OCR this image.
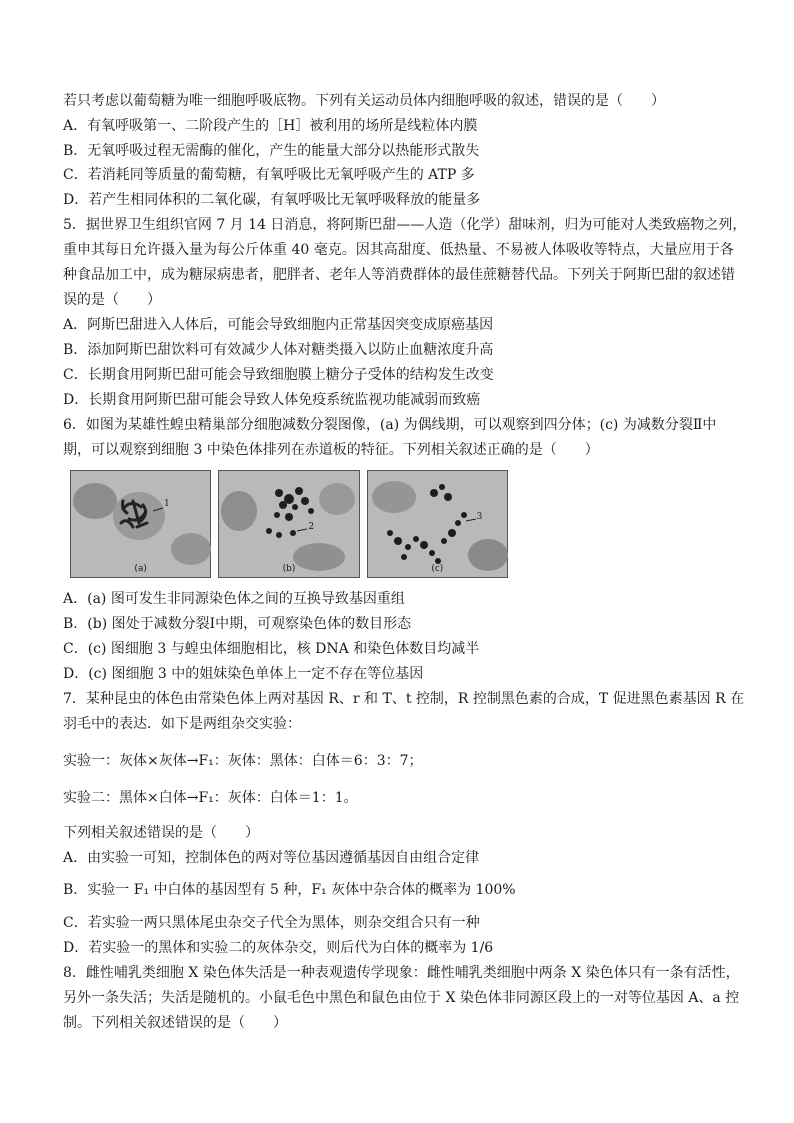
若只考虑以葡萄糖为唯一细胞呼吸底物。下列有关运动员体内细胞呼吸的叙述，错误的是（　　）
A．有氧呼吸第一、二阶段产生的［H］被利用的场所是线粒体内膜
B．无氧呼吸过程无需酶的催化，产生的能量大部分以热能形式散失
C．若消耗同等质量的葡萄糖，有氧呼吸比无氧呼吸产生的 ATP 多
D．若产生相同体积的二氧化碳，有氧呼吸比无氧呼吸释放的能量多
5．据世界卫生组织官网 7 月 14 日消息，将阿斯巴甜——人造（化学）甜味剂，归为可能对人类致癌物之列，
重申其每日允许摄入量为每公斤体重 40 毫克。因其高甜度、低热量、不易被人体吸收等特点，大量应用于各
种食品加工中，成为糖尿病患者，肥胖者、老年人等消费群体的最佳蔗糖替代品。下列关于阿斯巴甜的叙述错
误的是（　　）
A．阿斯巴甜进入人体后，可能会导致细胞内正常基因突变成原癌基因
B．添加阿斯巴甜饮料可有效减少人体对糖类摄入以防止血糖浓度升高
C．长期食用阿斯巴甜可能会导致细胞膜上糖分子受体的结构发生改变
D．长期食用阿斯巴甜可能会导致人体免疫系统监视功能减弱而致癌
6．如图为某雄性蝗虫精巢部分细胞减数分裂图像，(a) 为偶线期，可以观察到四分体；(c) 为减数分裂Ⅱ中
期，可以观察到细胞 3 中染色体排列在赤道板的特征。下列相关叙述正确的是（　　）
1
(a)
2
(b)
3
(c)
A．(a) 图可发生非同源染色体之间的互换导致基因重组
B．(b) 图处于减数分裂Ⅰ中期，可观察染色体的数目形态
C．(c) 图细胞 3 与蝗虫体细胞相比，核 DNA 和染色体数目均减半
D．(c) 图细胞 3 中的姐妹染色单体上一定不存在等位基因
7．某种昆虫的体色由常染色体上两对基因 R、r 和 T、t 控制，R 控制黑色素的合成，T 促进黑色素基因 R 在
羽毛中的表达．如下是两组杂交实验：
实验一：灰体×灰体→F₁：灰体：黑体：白体＝6：3：7；
实验二：黑体×白体→F₁：灰体：白体＝1：1。
下列相关叙述错误的是（　　）
A．由实验一可知，控制体色的两对等位基因遵循基因自由组合定律
B．实验一 F₁ 中白体的基因型有 5 种，F₁ 灰体中杂合体的概率为 100%
C．若实验一两只黑体尾虫杂交子代全为黑体，则杂交组合只有一种
D．若实验一的黑体和实验二的灰体杂交，则后代为白体的概率为 1/6
8．雌性哺乳类细胞 X 染色体失活是一种表观遗传学现象：雌性哺乳类细胞中两条 X 染色体只有一条有活性，
另外一条失活；失活是随机的。小鼠毛色中黑色和鼠色由位于 X 染色体非同源区段上的一对等位基因 A、a 控
制。下列相关叙述错误的是（　　）
